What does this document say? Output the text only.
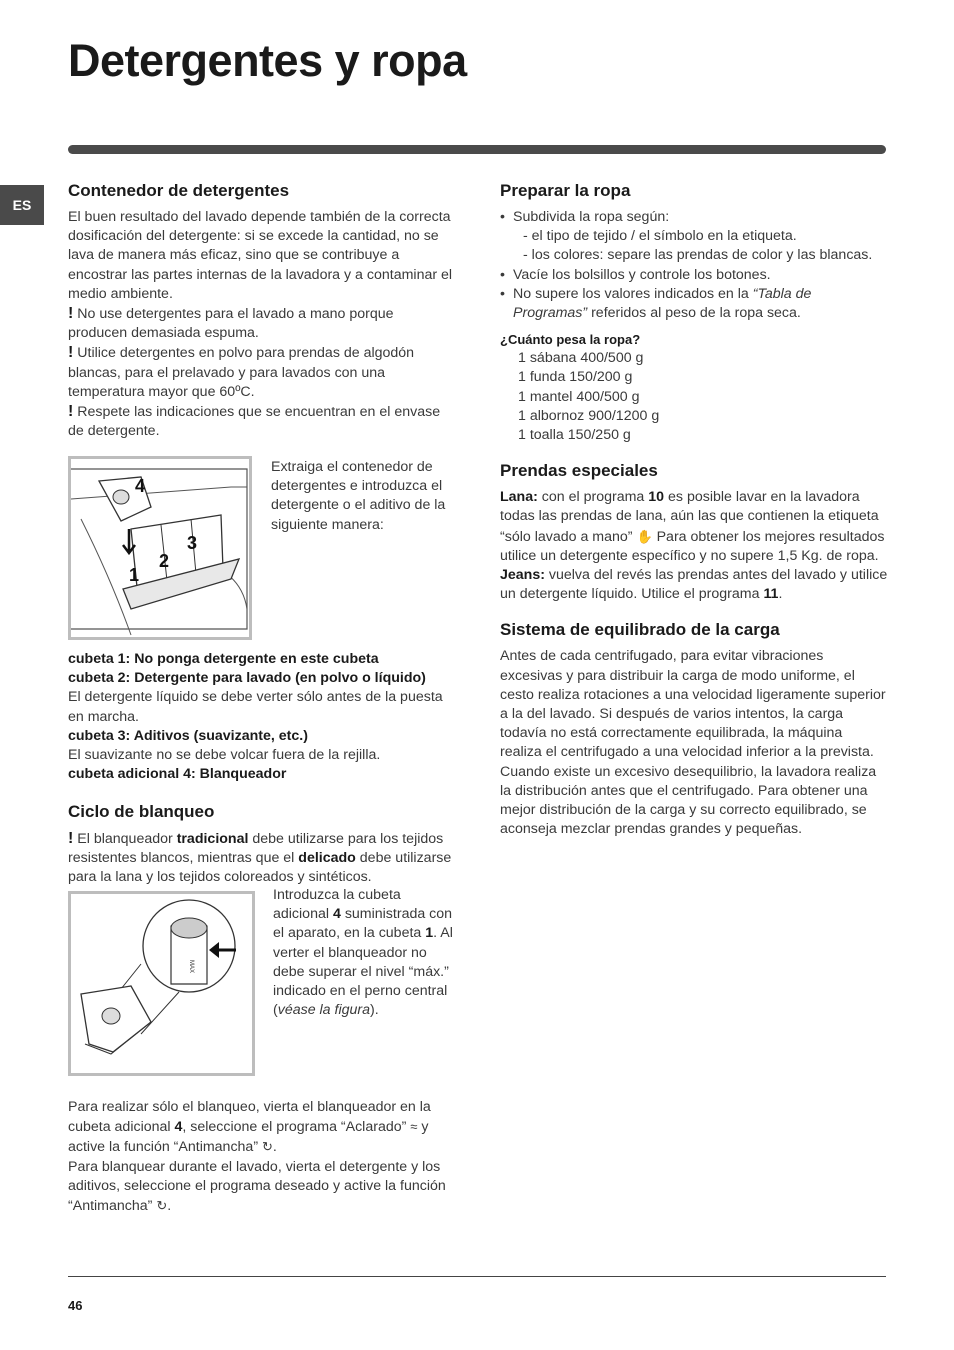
Detergentes y ropa
ES
Contenedor de detergentes

El buen resultado del lavado depende también de la correcta dosificación del detergente: si se excede la cantidad, no se lava de manera más eficaz, sino que se contribuye a encostrar las partes internas de la lavadora y a contaminar el medio ambiente.

! No use detergentes para el lavado a mano porque producen demasiada espuma.

! Utilice detergentes en polvo para prendas de algodón blancas, para el prelavado y para lavados con una temperatura mayor que 60ºC.

! Respete las indicaciones que se encuentran en el envase de detergente.

4
3
2
1

Extraiga el contenedor de detergentes e introduzca el detergente o el aditivo de la siguiente manera:

cubeta 1: No ponga detergente en este cubeta

cubeta 2: Detergente para lavado (en polvo o líquido)

El detergente líquido se debe verter sólo antes de la puesta en marcha.

cubeta 3: Aditivos (suavizante, etc.)

El suavizante no se debe volcar fuera de la rejilla.

cubeta adicional 4: Blanqueador

Ciclo de blanqueo

! El blanqueador tradicional debe utilizarse para los tejidos resistentes blancos, mientras que el delicado debe utilizarse para la lana y los tejidos coloreados y sintéticos.

MAX

Introduzca la cubeta adicional 4 suministrada con el aparato, en la cubeta 1. Al verter el blanqueador no debe superar el nivel “máx.” indicado en el perno central (véase la figura).

Para realizar sólo el blanqueo, vierta el blanqueador en la cubeta adicional 4, seleccione el programa “Aclarado” ≈ y active la función “Antimancha” ↻.

Para blanquear durante el lavado, vierta el detergente y los aditivos, seleccione el programa deseado y active la función “Antimancha” ↻.

Preparar la ropa
• Subdivida la ropa según:
- el tipo de tejido / el símbolo en la etiqueta.
- los colores: separe las prendas de color y las blancas.
• Vacíe los bolsillos y controle los botones.
• No supere los valores indicados en la “Tabla de Programas” referidos al peso de la ropa seca.
¿Cuánto pesa la ropa?
1 sábana 400/500 g
1 funda 150/200 g
1 mantel 400/500 g
1 albornoz 900/1200 g
1 toalla 150/250 g
Prendas especiales

Lana: con el programa 10 es posible lavar en la lavadora todas las prendas de lana, aún las que contienen la etiqueta “sólo lavado a mano” ✋ Para obtener los mejores resultados utilice un detergente específico y no supere 1,5 Kg. de ropa.

Jeans: vuelva del revés las prendas antes del lavado y utilice un detergente líquido. Utilice el programa 11.

Sistema de equilibrado de la carga

Antes de cada centrifugado, para evitar vibraciones excesivas y para distribuir la carga de modo uniforme, el cesto realiza rotaciones a una velocidad ligeramente superior a la del lavado. Si después de varios intentos, la carga todavía no está correctamente equilibrada, la máquina realiza el centrifugado a una velocidad inferior a la prevista. Cuando existe un excesivo desequilibrio, la lavadora realiza la distribución antes que el centrifugado. Para obtener una mejor distribución de la carga y su correcto equilibrado, se aconseja mezclar prendas grandes y pequeñas.

46
